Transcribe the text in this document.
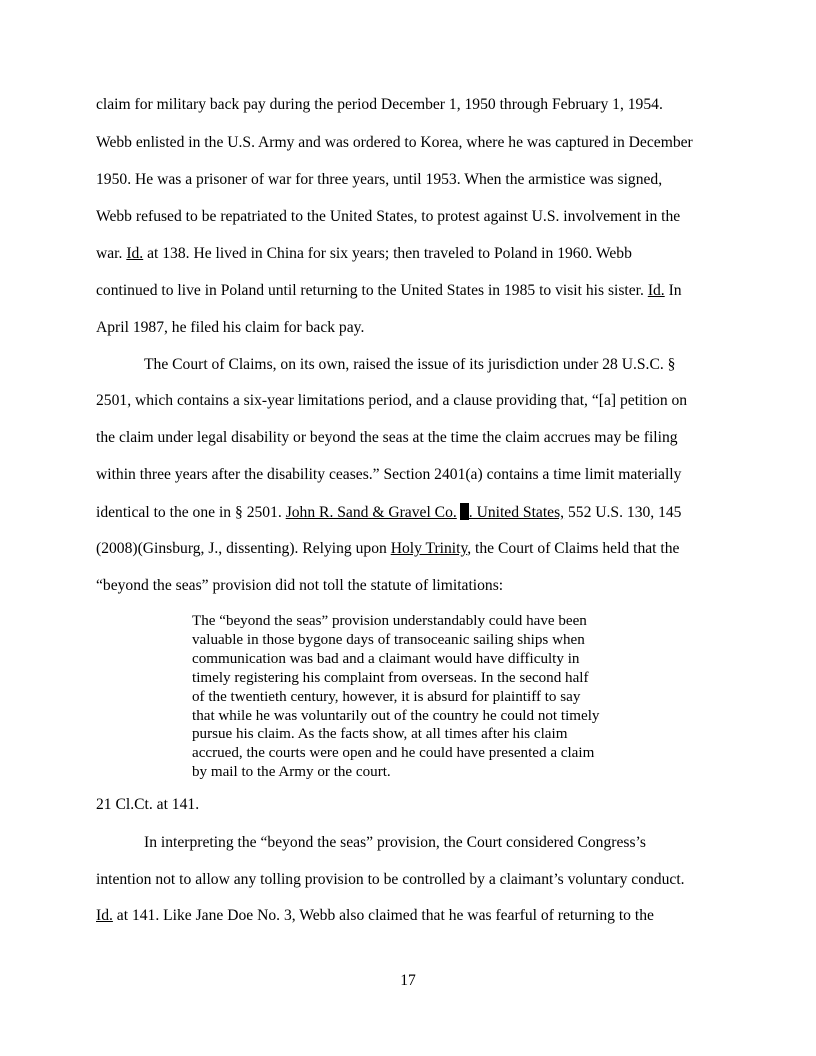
claim for military back pay during the period December 1, 1950 through February 1, 1954.
Webb enlisted in the U.S. Army and was ordered to Korea, where he was captured in December
1950. He was a prisoner of war for three years, until 1953. When the armistice was signed,
Webb refused to be repatriated to the United States, to protest against U.S. involvement in the
war. Id. at 138. He lived in China for six years; then traveled to Poland in 1960. Webb
continued to live in Poland until returning to the United States in 1985 to visit his sister. Id. In
April 1987, he filed his claim for back pay.
The Court of Claims, on its own, raised the issue of its jurisdiction under 28 U.S.C. §
2501, which contains a six-year limitations period, and a clause providing that, “[a] petition on
the claim under legal disability or beyond the seas at the time the claim accrues may be filing
within three years after the disability ceases.” Section 2401(a) contains a time limit materially
identical to the one in § 2501. John R. Sand & Gravel Co. . United States, 552 U.S. 130, 145
(2008)(Ginsburg, J., dissenting). Relying upon Holy Trinity, the Court of Claims held that the
“beyond the seas” provision did not toll the statute of limitations:
The “beyond the seas” provision understandably could have been
valuable in those bygone days of transoceanic sailing ships when
communication was bad and a claimant would have difficulty in
timely registering his complaint from overseas. In the second half
of the twentieth century, however, it is absurd for plaintiff to say
that while he was voluntarily out of the country he could not timely
pursue his claim. As the facts show, at all times after his claim
accrued, the courts were open and he could have presented a claim
by mail to the Army or the court.
21 Cl.Ct. at 141.
In interpreting the “beyond the seas” provision, the Court considered Congress’s
intention not to allow any tolling provision to be controlled by a claimant’s voluntary conduct.
Id. at 141. Like Jane Doe No. 3, Webb also claimed that he was fearful of returning to the
17
